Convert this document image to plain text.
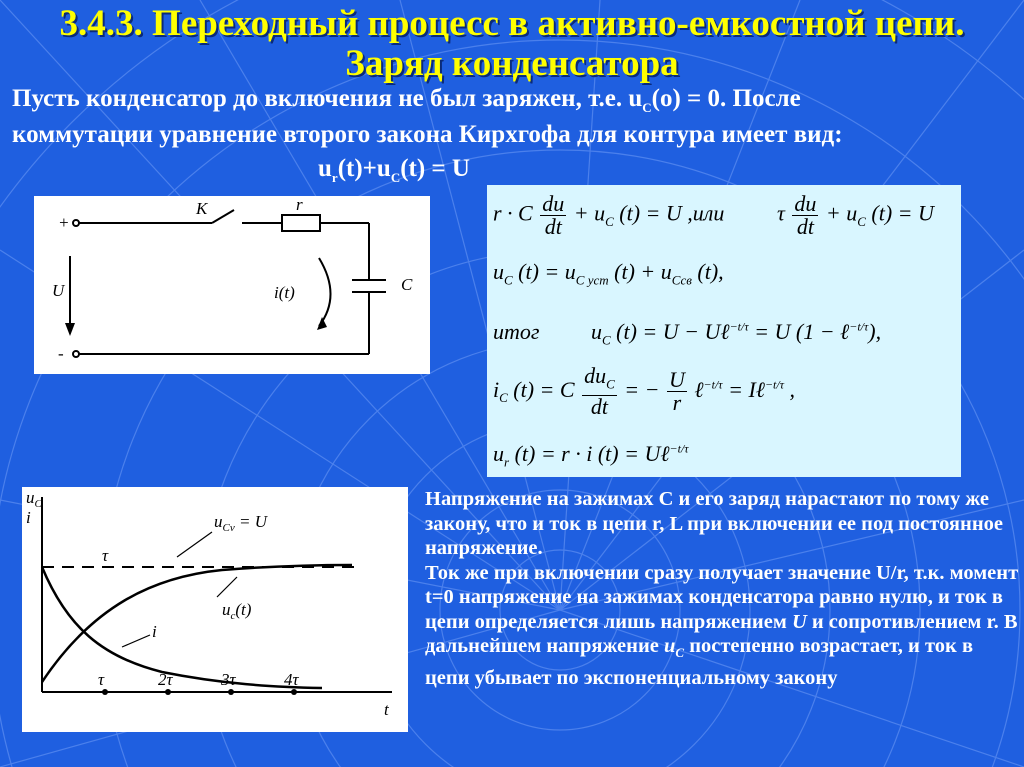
3.4.3. Переходный процесс в активно-емкостной цепи.
Заряд конденсатора
Пусть конденсатор до включения не был заряжен, т.е. $u_C(o) = 0$. После
коммутации уравнение второго закона Кирхгофа для контура имеет вид:
$u_r(t)+u_C(t) = U$
+
-
K	r
U	i(t)	C
r · C $\frac{du}{dt} + u_C$ (t) = U ,или τ $\frac{du}{dt} + u_C$ (t) = U
$u_C$ $(t) = u_{C уст}$ $(t) + u_{Cсв}$ (t),
итог $u_C$ (t) = U − Uℓ$^{-t/\tau}$ = U (1 − ℓ$^{-t/\tau}$),
$i_C$ (t) = C $\frac{du_C}{dt}$ = − $\frac{U}{r}$ ℓ$^{-t/\tau}$ = Iℓ$^{-t/\tau}$ ,
$u_r$ (t) = r · i (t) = Uℓ$^{-t/\tau}$
$u_C$
i
t
τ
$u_{Cv} = U$
$u_c(t)$
i
τ	2τ	3τ	4τ

Напряжение на зажимах С и его заряд нарастают по тому же закону, что и ток в цепи r, L при включении ее под постоянное напряжение.

Ток же при включении сразу получает значение U/r, т.к. момент t=0 напряжение на зажимах конденсатора равно нулю, и ток в цепи определяется лишь напряжением U и сопротивлением r. В дальнейшем напряжение $u_C$ постепенно возрастает, и ток в цепи убывает по экспоненциальному закону
